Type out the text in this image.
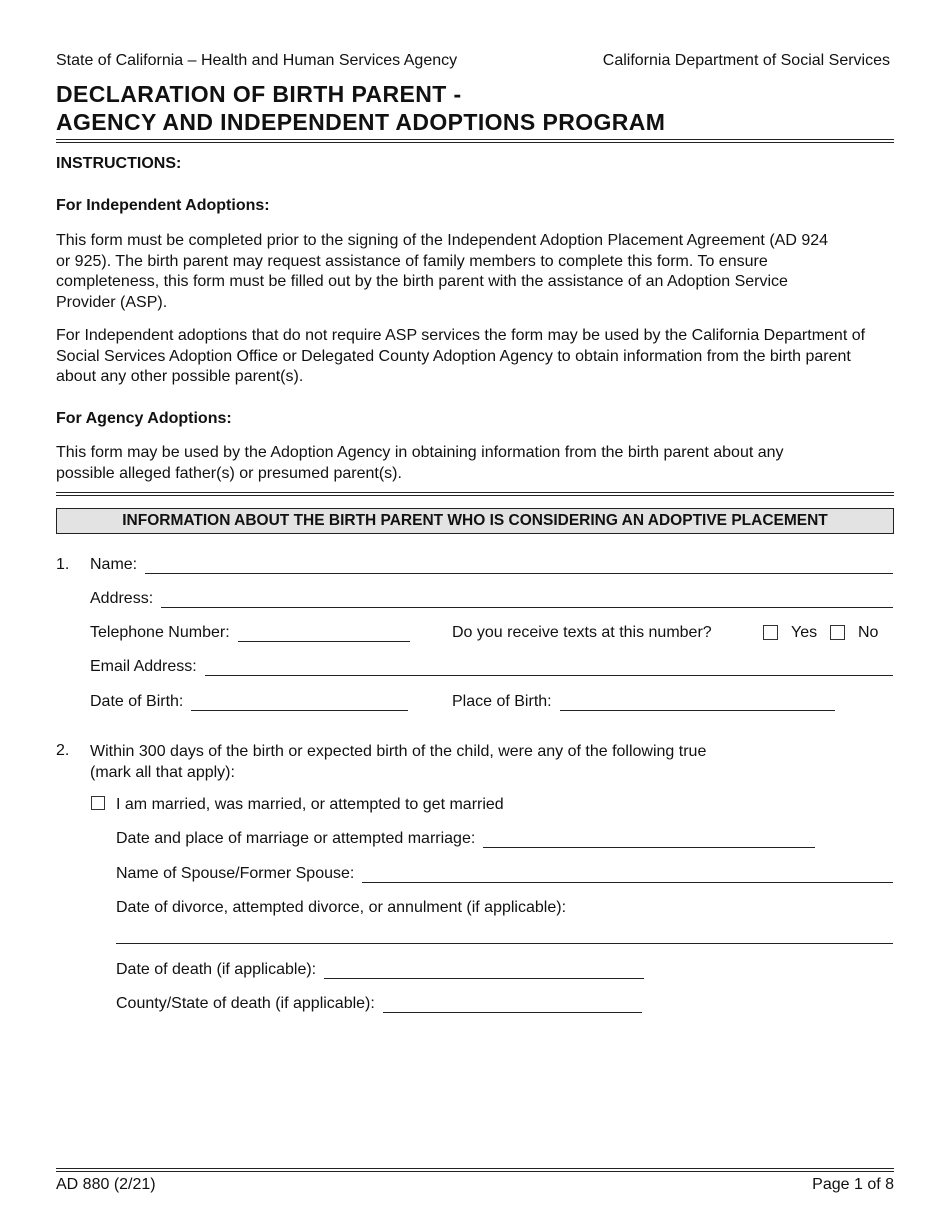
State of California – Health and Human Services Agency	California Department of Social Services
DECLARATION OF BIRTH PARENT -
AGENCY AND INDEPENDENT ADOPTIONS PROGRAM
INSTRUCTIONS:
For Independent Adoptions:
This form must be completed prior to the signing of the Independent Adoption Placement Agreement (AD 924 or 925). The birth parent may request assistance of family members to complete this form. To ensure completeness, this form must be filled out by the birth parent with the assistance of an Adoption Service Provider (ASP).
For Independent adoptions that do not require ASP services the form may be used by the California Department of Social Services Adoption Office or Delegated County Adoption Agency to obtain information from the birth parent about any other possible parent(s).
For Agency Adoptions:
This form may be used by the Adoption Agency in obtaining information from the birth parent about any possible alleged father(s) or presumed parent(s).
INFORMATION ABOUT THE BIRTH PARENT WHO IS CONSIDERING AN ADOPTIVE PLACEMENT
1. Name:
Address:
Telephone Number:	Do you receive texts at this number?	Yes	No
Email Address:
Date of Birth:	Place of Birth:
2. Within 300 days of the birth or expected birth of the child, were any of the following true
(mark all that apply):
I am married, was married, or attempted to get married
Date and place of marriage or attempted marriage:
Name of Spouse/Former Spouse:
Date of divorce, attempted divorce, or annulment (if applicable):
Date of death (if applicable):
County/State of death (if applicable):
AD 880 (2/21)	Page 1 of 8
